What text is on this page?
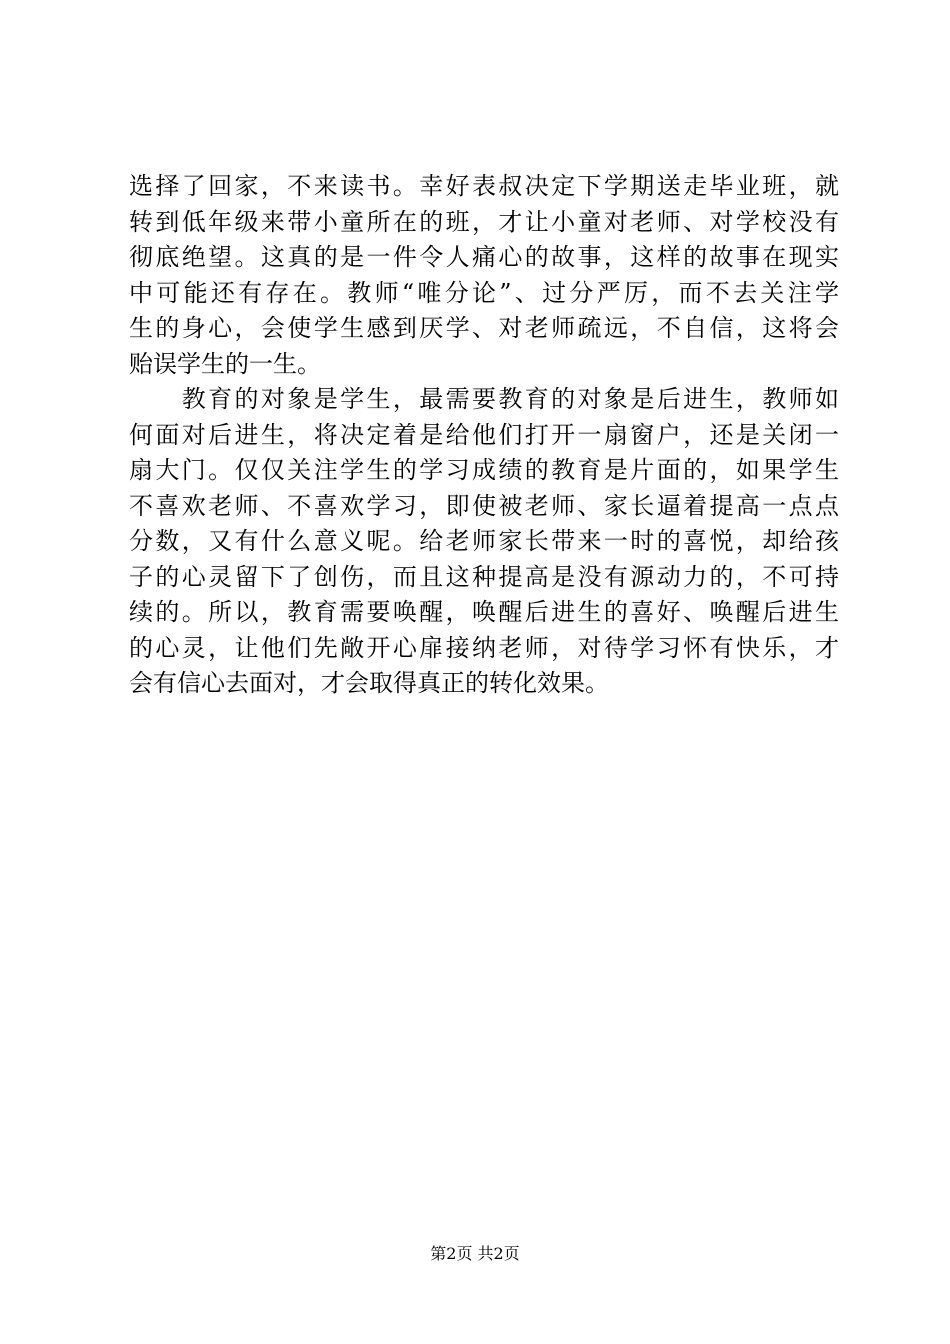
选择了回家，不来读书。幸好表叔决定下学期送走毕业班，就
转到低年级来带小童所在的班，才让小童对老师、对学校没有
彻底绝望。这真的是一件令人痛心的故事，这样的故事在现实
中可能还有存在。教师“唯分论”、过分严厉，而不去关注学
生的身心，会使学生感到厌学、对老师疏远，不自信，这将会
贻误学生的一生。
　　教育的对象是学生，最需要教育的对象是后进生，教师如
何面对后进生，将决定着是给他们打开一扇窗户，还是关闭一
扇大门。仅仅关注学生的学习成绩的教育是片面的，如果学生
不喜欢老师、不喜欢学习，即使被老师、家长逼着提高一点点
分数，又有什么意义呢。给老师家长带来一时的喜悦，却给孩
子的心灵留下了创伤，而且这种提高是没有源动力的，不可持
续的。所以，教育需要唤醒，唤醒后进生的喜好、唤醒后进生
的心灵，让他们先敞开心扉接纳老师，对待学习怀有快乐，才
会有信心去面对，才会取得真正的转化效果。
第2页 共2页
